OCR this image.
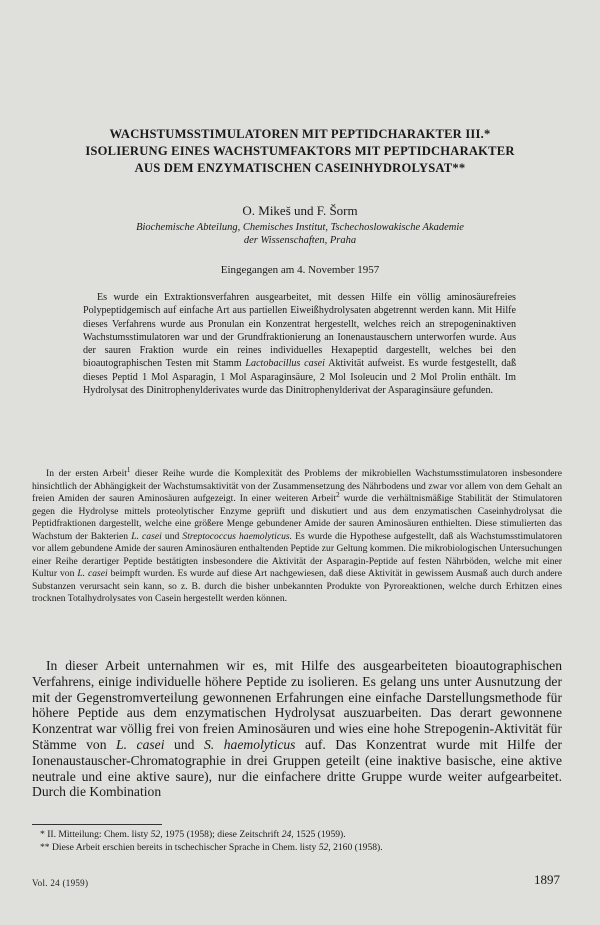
WACHSTUMSSTIMULATOREN MIT PEPTIDCHARAKTER III.*
ISOLIERUNG EINES WACHSTUMFAKTORS MIT PEPTIDCHARAKTER
AUS DEM ENZYMATISCHEN CASEINHYDROLYSAT**
O. Mikeš und F. Šorm
Biochemische Abteilung, Chemisches Institut, Tschechoslowakische Akademie
der Wissenschaften, Praha
Eingegangen am 4. November 1957

Es wurde ein Extraktionsverfahren ausgearbeitet, mit dessen Hilfe ein völlig aminosäurefreies Polypeptidgemisch auf einfache Art aus partiellen Eiweißhydrolysaten abgetrennt werden kann. Mit Hilfe dieses Verfahrens wurde aus Pronulan ein Konzentrat hergestellt, welches reich an strepogeninaktiven Wachstumsstimulatoren war und der Grundfraktionierung an Ionenaustauschern unterworfen wurde. Aus der sauren Fraktion wurde ein reines individuelles Hexapeptid dargestellt, welches bei den bioautographischen Testen mit Stamm Lactobacillus casei Aktivität aufweist. Es wurde festgestellt, daß dieses Peptid 1 Mol Asparagin, 1 Mol Asparaginsäure, 2 Mol Isoleucin und 2 Mol Prolin enthält. Im Hydrolysat des Dinitrophenylderivates wurde das Dinitrophenylderivat der Asparaginsäure gefunden.

In der ersten Arbeit$^1$ dieser Reihe wurde die Komplexität des Problems der mikrobiellen Wachstumsstimulatoren insbesondere hinsichtlich der Abhängigkeit der Wachstumsaktivität von der Zusammensetzung des Nährbodens und zwar vor allem von dem Gehalt an freien Amiden der sauren Aminosäuren aufgezeigt. In einer weiteren Arbeit$^2$ wurde die verhältnismäßige Stabilität der Stimulatoren gegen die Hydrolyse mittels proteolytischer Enzyme geprüft und diskutiert und aus dem enzymatischen Caseinhydrolysat die Peptidfraktionen dargestellt, welche eine größere Menge gebundener Amide der sauren Aminosäuren enthielten. Diese stimulierten das Wachstum der Bakterien L. casei und Streptococcus haemolyticus. Es wurde die Hypothese aufgestellt, daß als Wachstumsstimulatoren vor allem gebundene Amide der sauren Aminosäuren enthaltenden Peptide zur Geltung kommen. Die mikrobiologischen Untersuchungen einer Reihe derartiger Peptide bestätigten insbesondere die Aktivität der Asparagin-Peptide auf festen Nährböden, welche mit einer Kultur von L. casei beimpft wurden. Es wurde auf diese Art nachgewiesen, daß diese Aktivität in gewissem Ausmaß auch durch andere Substanzen verursacht sein kann, so z. B. durch die bisher unbekannten Produkte von Pyroreaktionen, welche durch Erhitzen eines trocknen Totalhydrolysates von Casein hergestellt werden können.

In dieser Arbeit unternahmen wir es, mit Hilfe des ausgearbeiteten bioautographischen Verfahrens, einige individuelle höhere Peptide zu isolieren. Es gelang uns unter Ausnutzung der mit der Gegenstromverteilung gewonnenen Erfahrungen eine einfache Darstellungsmethode für höhere Peptide aus dem enzymatischen Hydrolysat auszuarbeiten. Das derart gewonnene Konzentrat war völlig frei von freien Aminosäuren und wies eine hohe Strepogenin-Aktivität für Stämme von L. casei und S. haemolyticus auf. Das Konzentrat wurde mit Hilfe der Ionenaustauscher-Chromatographie in drei Gruppen geteilt (eine inaktive basische, eine aktive neutrale und eine aktive saure), nur die einfachere dritte Gruppe wurde weiter aufgearbeitet. Durch die Kombination

* II. Mitteilung: Chem. listy 52, 1975 (1958); diese Zeitschrift 24, 1525 (1959).
** Diese Arbeit erschien bereits in tschechischer Sprache in Chem. listy 52, 2160 (1958).
Vol. 24 (1959)	1897
